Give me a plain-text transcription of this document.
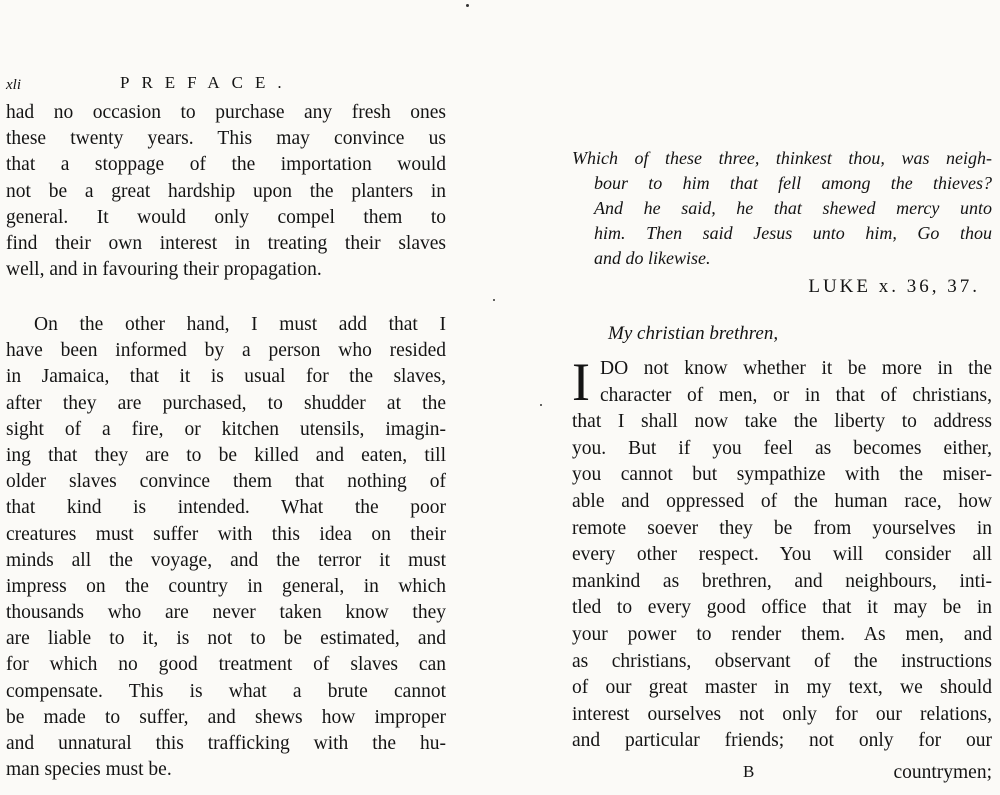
xli	PREFACE.

had no occasion to purchase any fresh ones
these twenty years. This may convince us
that a stoppage of the importation would
not be a great hardship upon the planters in
general. It would only compel them to
find their own interest in treating their slaves
well, and in favouring their propagation.

On the other hand, I must add that I
have been informed by a person who resided
in Jamaica, that it is usual for the slaves,
after they are purchased, to shudder at the
sight of a fire, or kitchen utensils, imagin-
ing that they are to be killed and eaten, till
older slaves convince them that nothing of
that kind is intended. What the poor
creatures must suffer with this idea on their
minds all the voyage, and the terror it must
impress on the country in general, in which
thousands who are never taken know they
are liable to it, is not to be estimated, and
for which no good treatment of slaves can
compensate. This is what a brute cannot
be made to suffer, and shews how improper
and unnatural this trafficking with the hu-
man species must be.

Which of these three, thinkest thou, was neigh-
bour to him that fell among the thieves?
And he said, he that shewed mercy unto
him. Then said Jesus unto him, Go thou
and do likewise.
LUKE x. 36, 37.
My christian brethren,
I DO not know whether it be more in the
character of men, or in that of christians,
that I shall now take the liberty to address
you. But if you feel as becomes either,
you cannot but sympathize with the miser-
able and oppressed of the human race, how
remote soever they be from yourselves in
every other respect. You will consider all
mankind as brethren, and neighbours, inti-
tled to every good office that it may be in
your power to render them. As men, and
as christians, observant of the instructions
of our great master in my text, we should
interest ourselves not only for our relations,
and particular friends; not only for our
B	countrymen;
